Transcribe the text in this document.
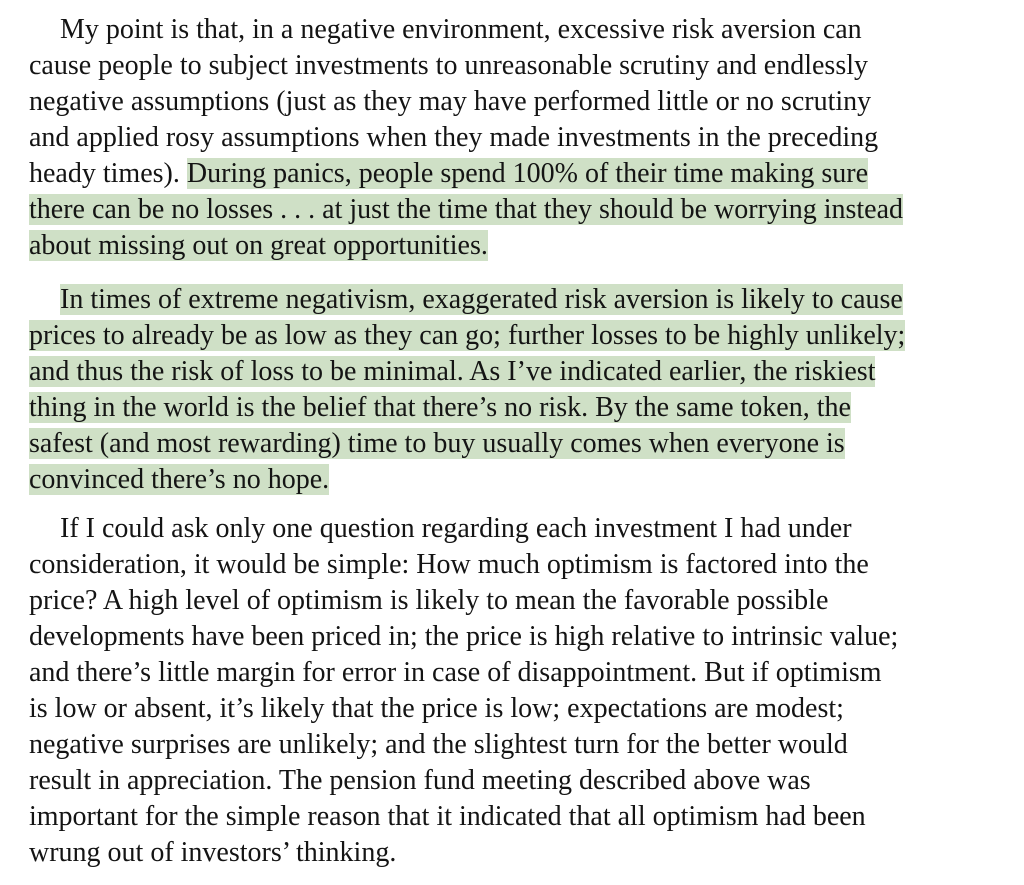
My point is that, in a negative environment, excessive risk aversion can
cause people to subject investments to unreasonable scrutiny and endlessly
negative assumptions (just as they may have performed little or no scrutiny
and applied rosy assumptions when they made investments in the preceding
heady times). During panics, people spend 100% of their time making sure
there can be no losses . . . at just the time that they should be worrying instead
about missing out on great opportunities.
In times of extreme negativism, exaggerated risk aversion is likely to cause
prices to already be as low as they can go; further losses to be highly unlikely;
and thus the risk of loss to be minimal. As I’ve indicated earlier, the riskiest
thing in the world is the belief that there’s no risk. By the same token, the
safest (and most rewarding) time to buy usually comes when everyone is
convinced there’s no hope.
If I could ask only one question regarding each investment I had under
consideration, it would be simple: How much optimism is factored into the
price? A high level of optimism is likely to mean the favorable possible
developments have been priced in; the price is high relative to intrinsic value;
and there’s little margin for error in case of disappointment. But if optimism
is low or absent, it’s likely that the price is low; expectations are modest;
negative surprises are unlikely; and the slightest turn for the better would
result in appreciation. The pension fund meeting described above was
important for the simple reason that it indicated that all optimism had been
wrung out of investors’ thinking.
